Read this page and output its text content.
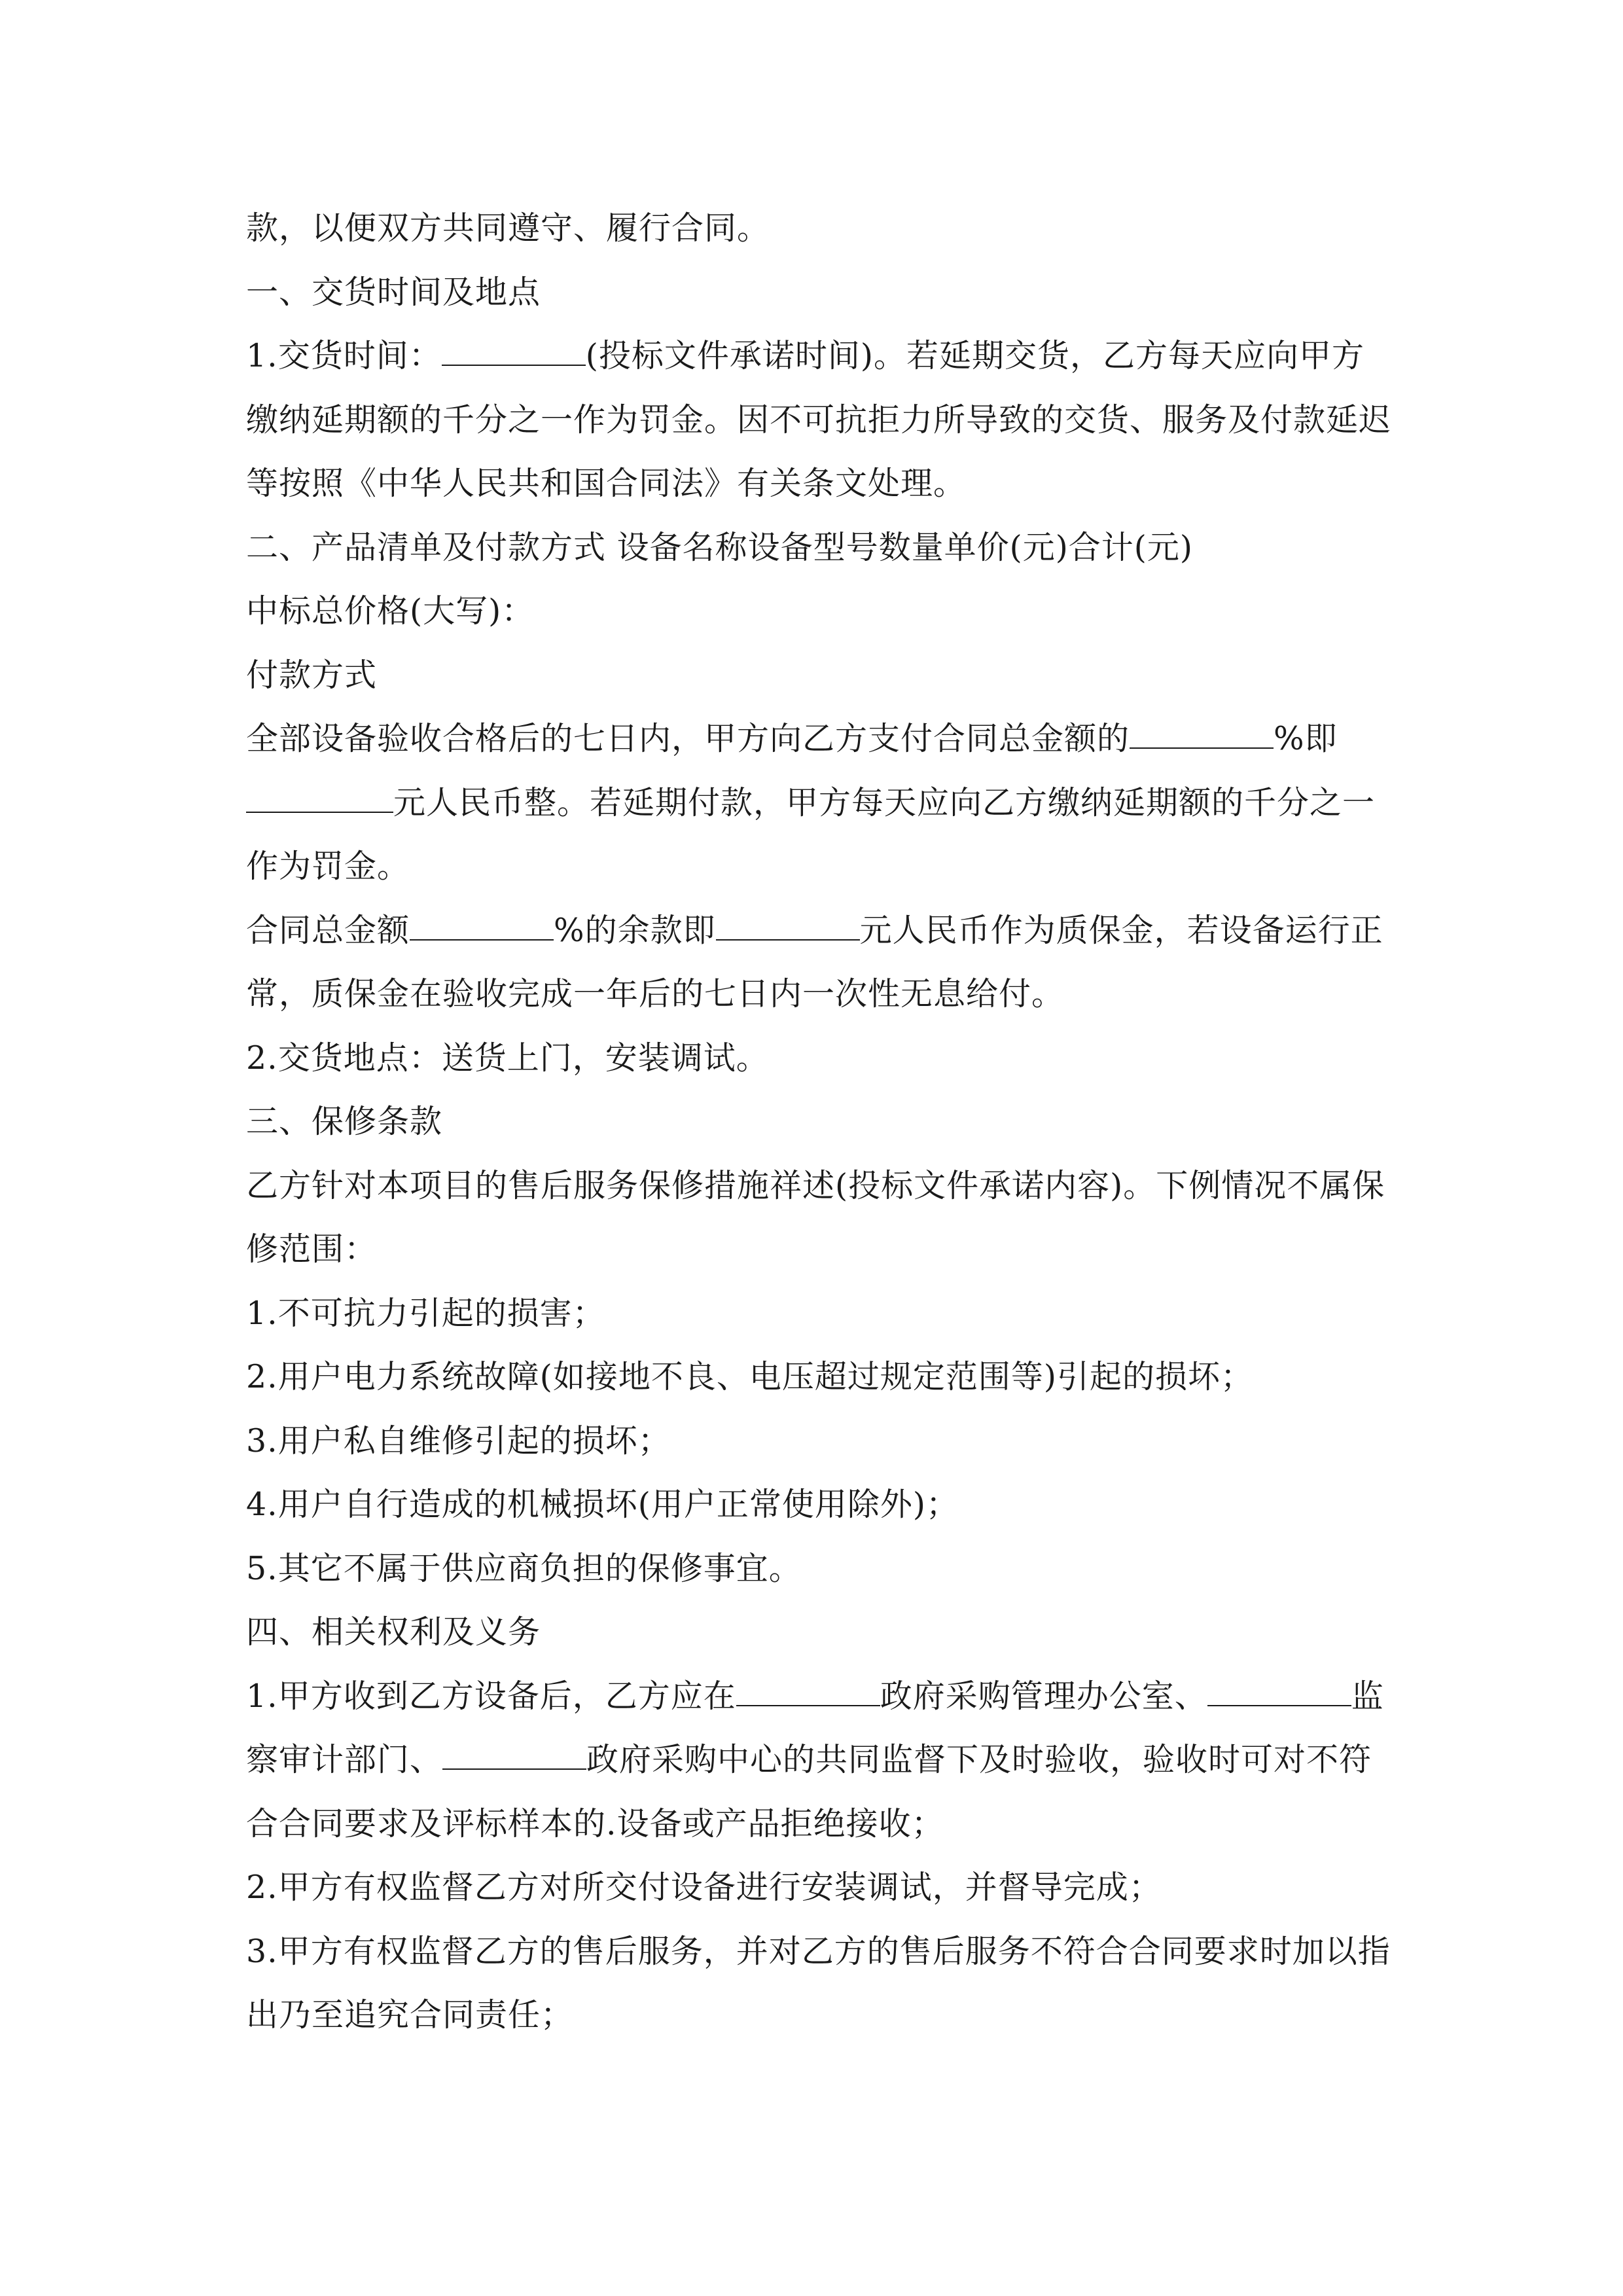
款，以便双方共同遵守、履行合同。
一、交货时间及地点
1.交货时间：	(投标文件承诺时间)。若延期交货，乙方每天应向甲方
缴纳延期额的千分之一作为罚金。因不可抗拒力所导致的交货、服务及付款延迟
等按照《中华人民共和国合同法》有关条文处理。
二、产品清单及付款方式 设备名称设备型号数量单价(元)合计(元)
中标总价格(大写)：
付款方式
全部设备验收合格后的七日内，甲方向乙方支付合同总金额的	%即
元人民币整。若延期付款，甲方每天应向乙方缴纳延期额的千分之一
作为罚金。
合同总金额	%的余款即	元人民币作为质保金，若设备运行正
常，质保金在验收完成一年后的七日内一次性无息给付。
2.交货地点：送货上门，安装调试。
三、保修条款
乙方针对本项目的售后服务保修措施祥述(投标文件承诺内容)。下例情况不属保
修范围：
1.不可抗力引起的损害；
2.用户电力系统故障(如接地不良、电压超过规定范围等)引起的损坏；
3.用户私自维修引起的损坏；
4.用户自行造成的机械损坏(用户正常使用除外)；
5.其它不属于供应商负担的保修事宜。
四、相关权利及义务
1.甲方收到乙方设备后，乙方应在	政府采购管理办公室、	监
察审计部门、	政府采购中心的共同监督下及时验收，验收时可对不符
合合同要求及评标样本的.设备或产品拒绝接收；
2.甲方有权监督乙方对所交付设备进行安装调试，并督导完成；
3.甲方有权监督乙方的售后服务，并对乙方的售后服务不符合合同要求时加以指
出乃至追究合同责任；
